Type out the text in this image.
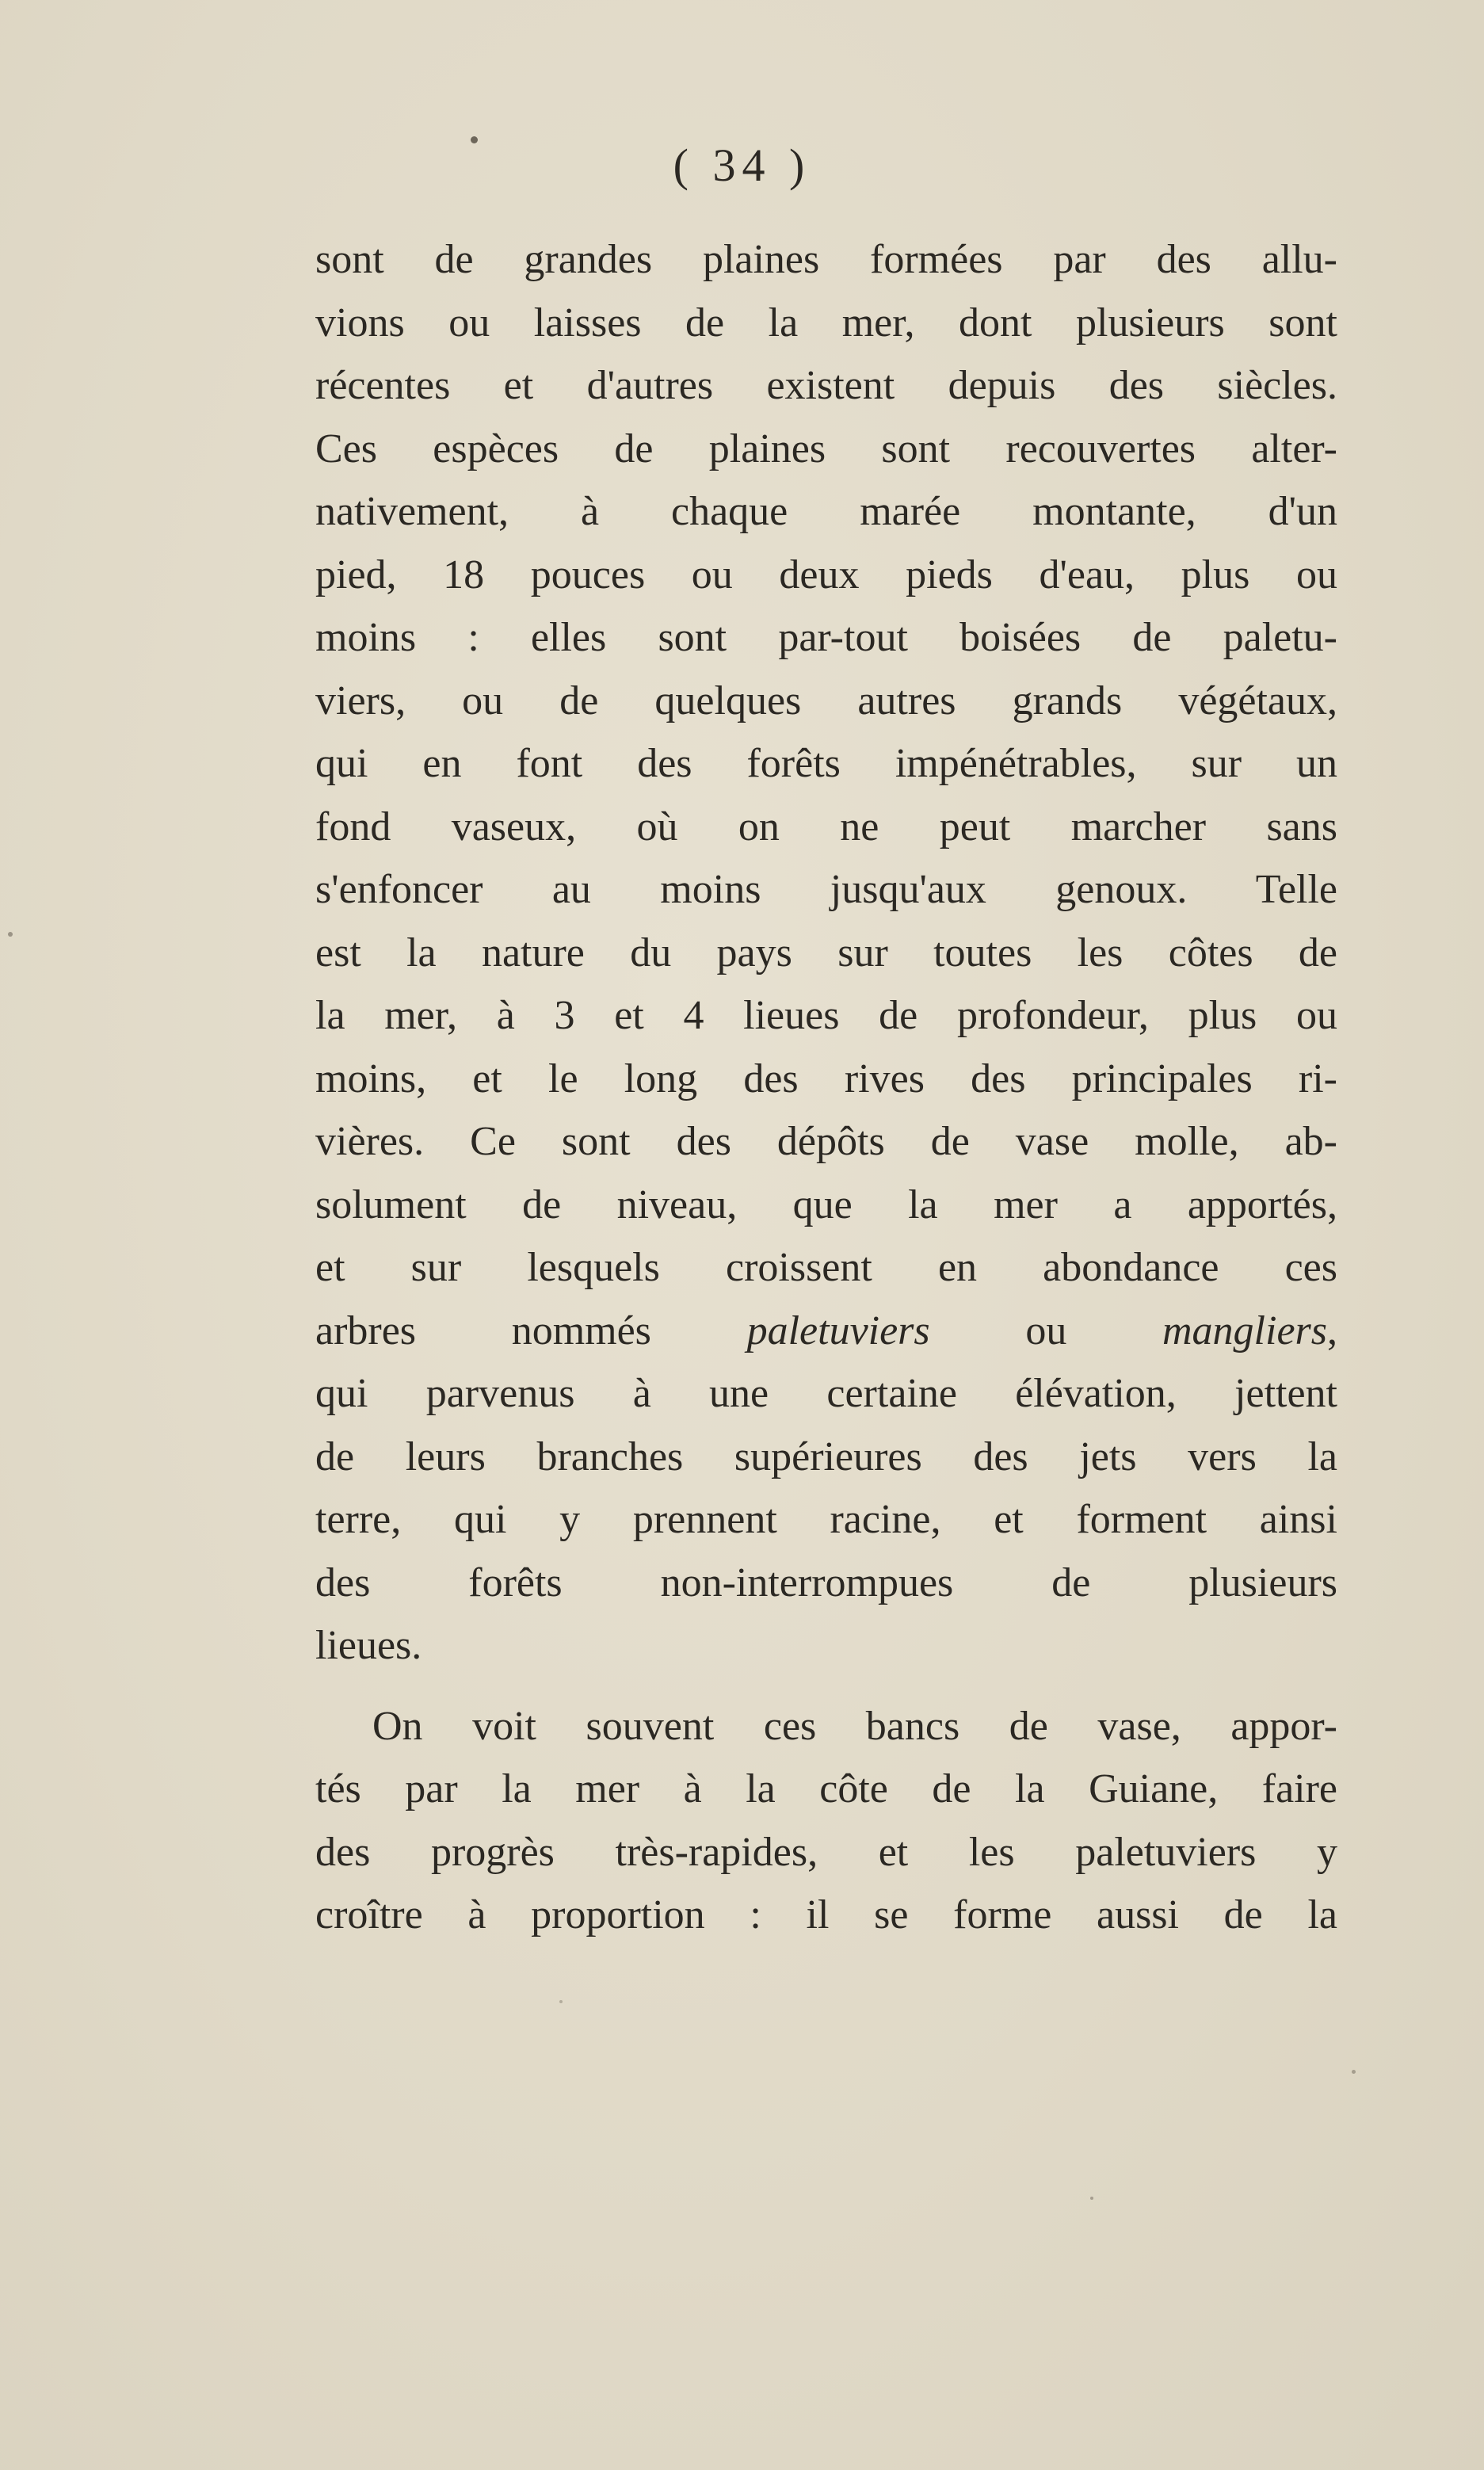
( 34 )
sont de grandes plaines formées par des allu-
vions ou laisses de la mer, dont plusieurs sont
récentes et d'autres existent depuis des siècles.
Ces espèces de plaines sont recouvertes alter-
nativement, à chaque marée montante, d'un
pied, 18 pouces ou deux pieds d'eau, plus ou
moins : elles sont par-tout boisées de paletu-
viers, ou de quelques autres grands végétaux,
qui en font des forêts impénétrables, sur un
fond vaseux, où on ne peut marcher sans
s'enfoncer au moins jusqu'aux genoux. Telle
est la nature du pays sur toutes les côtes de
la mer, à 3 et 4 lieues de profondeur, plus ou
moins, et le long des rives des principales ri-
vières. Ce sont des dépôts de vase molle, ab-
solument de niveau, que la mer a apportés,
et sur lesquels croissent en abondance ces
arbres nommés paletuviers ou mangliers,
qui parvenus à une certaine élévation, jettent
de leurs branches supérieures des jets vers la
terre, qui y prennent racine, et forment ainsi
des forêts non-interrompues de plusieurs
lieues.
On voit souvent ces bancs de vase, appor-
tés par la mer à la côte de la Guiane, faire
des progrès très-rapides, et les paletuviers y
croître à proportion : il se forme aussi de la
